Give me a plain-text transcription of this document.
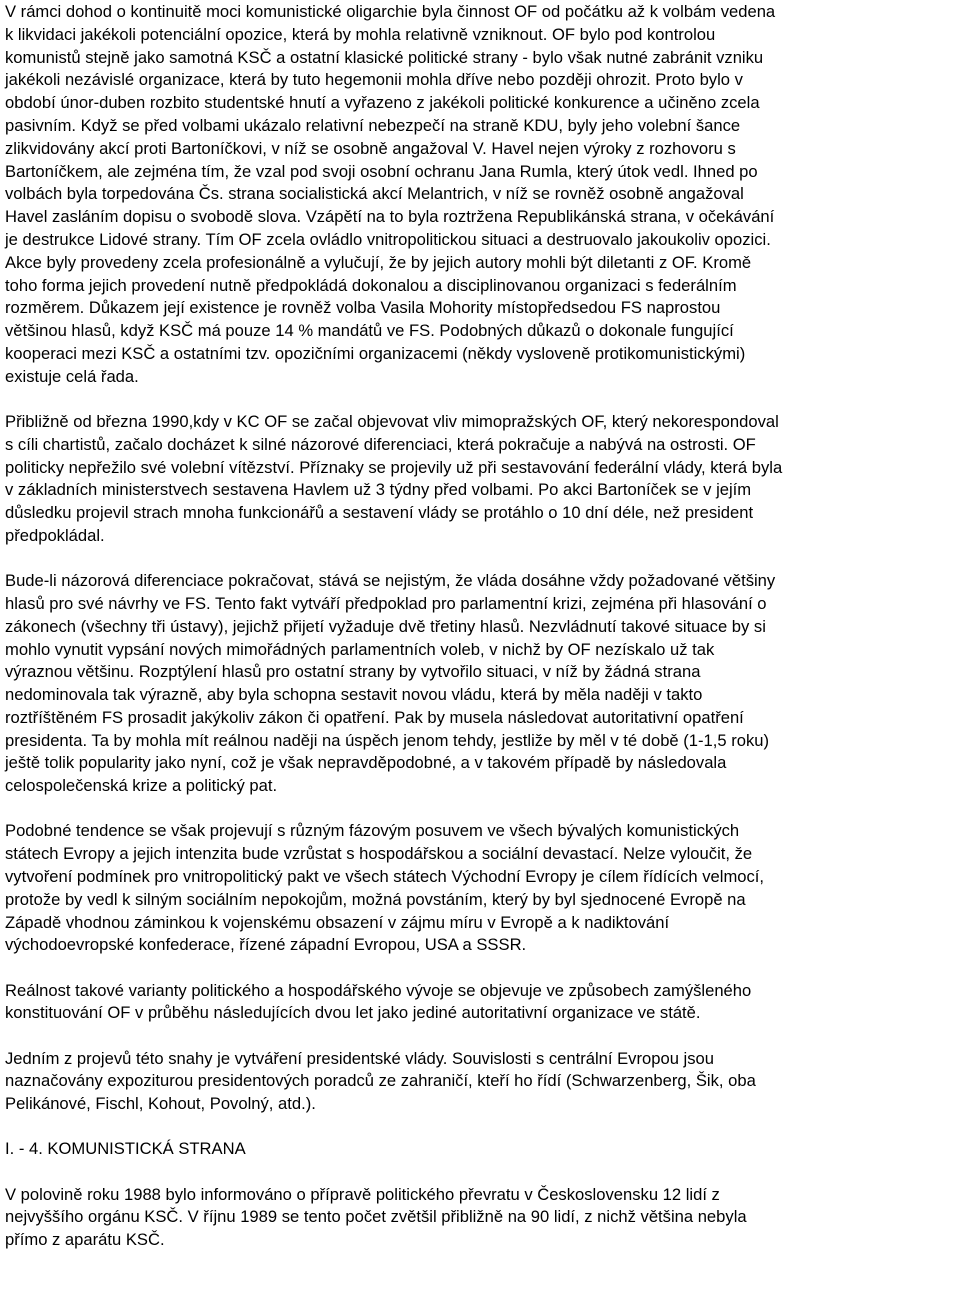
V rámci dohod o kontinuitě moci komunistické oligarchie byla činnost OF od počátku až k volbám vedena

k likvidaci jakékoli potenciální opozice, která by mohla relativně vzniknout. OF bylo pod kontrolou

komunistů stejně jako samotná KSČ a ostatní klasické politické strany - bylo však nutné zabránit vzniku

jakékoli nezávislé organizace, která by tuto hegemonii mohla dříve nebo později ohrozit. Proto bylo v

období únor-duben rozbito studentské hnutí a vyřazeno z jakékoli politické konkurence a učiněno zcela

pasivním. Když se před volbami ukázalo relativní nebezpečí na straně KDU, byly jeho volební šance

zlikvidovány akcí proti Bartoníčkovi, v níž se osobně angažoval V. Havel nejen výroky z rozhovoru s

Bartoníčkem, ale zejména tím, že vzal pod svoji osobní ochranu Jana Rumla, který útok vedl. Ihned po

volbách byla torpedována Čs. strana socialistická akcí Melantrich, v níž se rovněž osobně angažoval

Havel zasláním dopisu o svobodě slova. Vzápětí na to byla roztržena Republikánská strana, v očekávání

je destrukce Lidové strany. Tím OF zcela ovládlo vnitropolitickou situaci a destruovalo jakoukoliv opozici.

Akce byly provedeny zcela profesionálně a vylučují, že by jejich autory mohli být diletanti z OF. Kromě

toho forma jejich provedení nutně předpokládá dokonalou a disciplinovanou organizaci s federálním

rozměrem. Důkazem její existence je rovněž volba Vasila Mohority místopředsedou FS naprostou

většinou hlasů, když KSČ má pouze 14 % mandátů ve FS. Podobných důkazů o dokonale fungující

kooperaci mezi KSČ a ostatními tzv. opozičními organizacemi (někdy vysloveně protikomunistickými)

existuje celá řada.

Přibližně od března 1990,kdy v KC OF se začal objevovat vliv mimopražských OF, který nekorespondoval

s cíli chartistů, začalo docházet k silné názorové diferenciaci, která pokračuje a nabývá na ostrosti. OF

politicky nepřežilo své volební vítězství. Příznaky se projevily už při sestavování federální vlády, která byla

v základních ministerstvech sestavena Havlem už 3 týdny před volbami. Po akci Bartoníček se v jejím

důsledku projevil strach mnoha funkcionářů a sestavení vlády se protáhlo o 10 dní déle, než president

předpokládal.

Bude-li názorová diferenciace pokračovat, stává se nejistým, že vláda dosáhne vždy požadované většiny

hlasů pro své návrhy ve FS. Tento fakt vytváří předpoklad pro parlamentní krizi, zejména při hlasování o

zákonech (všechny tři ústavy), jejichž přijetí vyžaduje dvě třetiny hlasů. Nezvládnutí takové situace by si

mohlo vynutit vypsání nových mimořádných parlamentních voleb, v nichž by OF nezískalo už tak

výraznou většinu. Rozptýlení hlasů pro ostatní strany by vytvořilo situaci, v níž by žádná strana

nedominovala tak výrazně, aby byla schopna sestavit novou vládu, která by měla naději v takto

roztříštěném FS prosadit jakýkoliv zákon či opatření. Pak by musela následovat autoritativní opatření

presidenta. Ta by mohla mít reálnou naději na úspěch jenom tehdy, jestliže by měl v té době (1-1,5 roku)

ještě tolik popularity jako nyní, což je však nepravděpodobné, a v takovém případě by následovala

celospolečenská krize a politický pat.

Podobné tendence se však projevují s různým fázovým posuvem ve všech bývalých komunistických

státech Evropy a jejich intenzita bude vzrůstat s hospodářskou a sociální devastací. Nelze vyloučit, že

vytvoření podmínek pro vnitropolitický pakt ve všech státech Východní Evropy je cílem řídících velmocí,

protože by vedl k silným sociálním nepokojům, možná povstáním, který by byl sjednocené Evropě na

Západě vhodnou záminkou k vojenskému obsazení v zájmu míru v Evropě a k nadiktování

východoevropské konfederace, řízené západní Evropou, USA a SSSR.

Reálnost takové varianty politického a hospodářského vývoje se objevuje ve způsobech zamýšleného

konstituování OF v průběhu následujících dvou let jako jediné autoritativní organizace ve státě.

Jedním z projevů této snahy je vytváření presidentské vlády. Souvislosti s centrální Evropou jsou

naznačovány expoziturou presidentových poradců ze zahraničí, kteří ho řídí (Schwarzenberg, Šik, oba

Pelikánové, Fischl, Kohout, Povolný, atd.).

I. - 4. KOMUNISTICKÁ STRANA

V polovině roku 1988 bylo informováno o přípravě politického převratu v Československu 12 lidí z

nejvyššího orgánu KSČ. V říjnu 1989 se tento počet zvětšil přibližně na 90 lidí, z nichž většina nebyla

přímo z aparátu KSČ.
